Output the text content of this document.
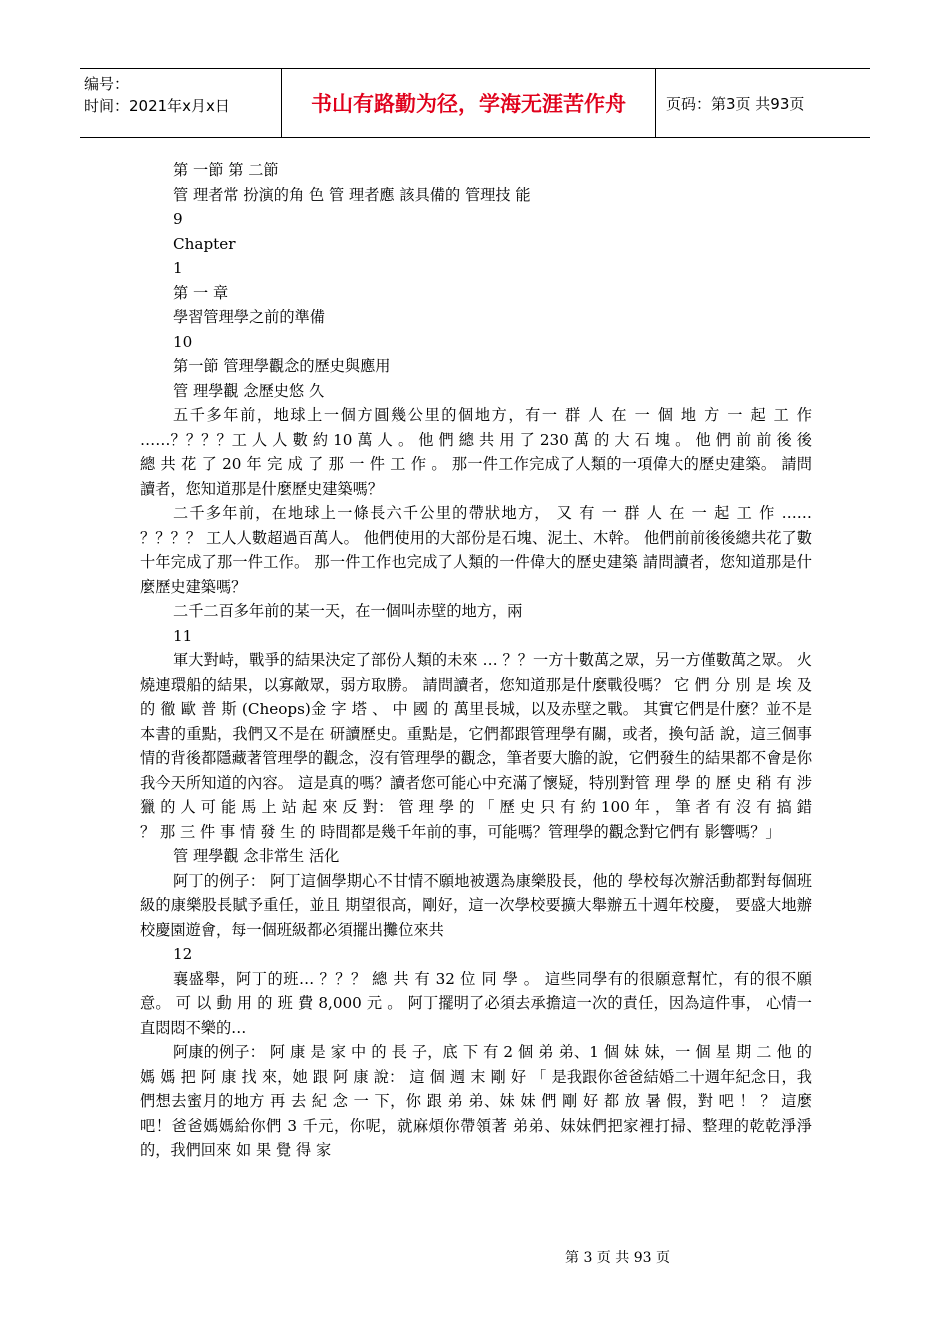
编号：
时间：2021年x月x日	书山有路勤为径，学海无涯苦作舟	页码：第3页 共93页
第 一節 第 二節
管 理者常 扮演的角 色 管 理者應 該具備的 管理技 能
9
Chapter
1
第 一 章
學習管理學之前的準備
10
第一節 管理學觀念的歷史與應用
管 理學觀 念歷史悠 久
五千多年前，地球上一個方圓幾公里的個地方，有一 群 人 在 一 個 地 方 一 起 工 作 ……？？？？工 人 人 數 約 10 萬 人 。 他 們 總 共 用 了 230 萬 的 大 石 塊 。 他 們 前 前 後 後 總 共 花 了 20 年 完 成 了 那 一 件 工 作 。 那一件工作完成了人類的一項偉大的歷史建築。 請問讀者，您知道那是什麼歷史建築嗎？
二千多年前，在地球上一條長六千公里的帶狀地方， 又 有 一 群 人 在 一 起 工 作 …… ？？？？ 工人人數超過百萬人。 他們使用的大部份是石塊、泥土、木幹。 他們前前後後總共花了數十年完成了那一件工作。 那一件工作也完成了人類的一件偉大的歷史建築 請問讀者，您知道那是什麼歷史建築嗎？
二千二百多年前的某一天，在一個叫赤壁的地方，兩
11
軍大對峙，戰爭的結果決定了部份人類的未來 … ？？一方十數萬之眾，另一方僅數萬之眾。 火燒連環船的結果，以寡敵眾，弱方取勝。 請問讀者，您知道那是什麼戰役嗎？ 它 們 分 別 是 埃 及 的 徹 歐 普 斯 (Cheops)金 字 塔 、 中 國 的 萬里長城，以及赤壁之戰。 其實它們是什麼？並不是本書的重點，我們又不是在 研讀歷史。重點是，它們都跟管理學有關，或者，換句話 說，這三個事情的背後都隱藏著管理學的觀念，沒有管理學的觀念，筆者要大膽的說，它們發生的結果都不會是你 我今天所知道的內容。 這是真的嗎？讀者您可能心中充滿了懷疑，特別對管 理 學 的 歷 史 稍 有 涉 獵 的 人 可 能 馬 上 站 起 來 反 對： 管 理 學 的 「 歷 史 只 有 約 100 年 ， 筆 者 有 沒 有 搞 錯 ？ 那 三 件 事 情 發 生 的 時間都是幾千年前的事，可能嗎？管理學的觀念對它們有 影響嗎？」
管 理學觀 念非常生 活化
阿丁的例子： 阿丁這個學期心不甘情不願地被選為康樂股長，他的 學校每次辦活動都對每個班級的康樂股長賦予重任，並且 期望很高，剛好，這一次學校要擴大舉辦五十週年校慶， 要盛大地辦校慶園遊會，每一個班級都必須擺出攤位來共
12
襄盛舉，阿丁的班… ？？？ 總 共 有 32 位 同 學 。 這些同學有的很願意幫忙，有的很不願意。 可 以 動 用 的 班 費 8,000 元 。 阿丁擺明了必須去承擔這一次的責任，因為這件事， 心情一直悶悶不樂的…
阿康的例子： 阿 康 是 家 中 的 長 子，底 下 有 2 個 弟 弟、1 個 妹 妹，一 個 星 期 二 他 的 媽 媽 把 阿 康 找 來，她 跟 阿 康 說： 這 個 週 末 剛 好 「 是我跟你爸爸結婚二十週年紀念日，我們想去蜜月的地方 再 去 紀 念 一 下，你 跟 弟 弟、妹 妹 們 剛 好 都 放 暑 假，對 吧 ！ ？ 這麼吧！爸爸媽媽給你們 3 千元，你呢，就麻煩你帶領著 弟弟、妹妹們把家裡打掃、整理的乾乾淨淨的，我們回來 如 果 覺 得 家
第 3 页 共 93 页
